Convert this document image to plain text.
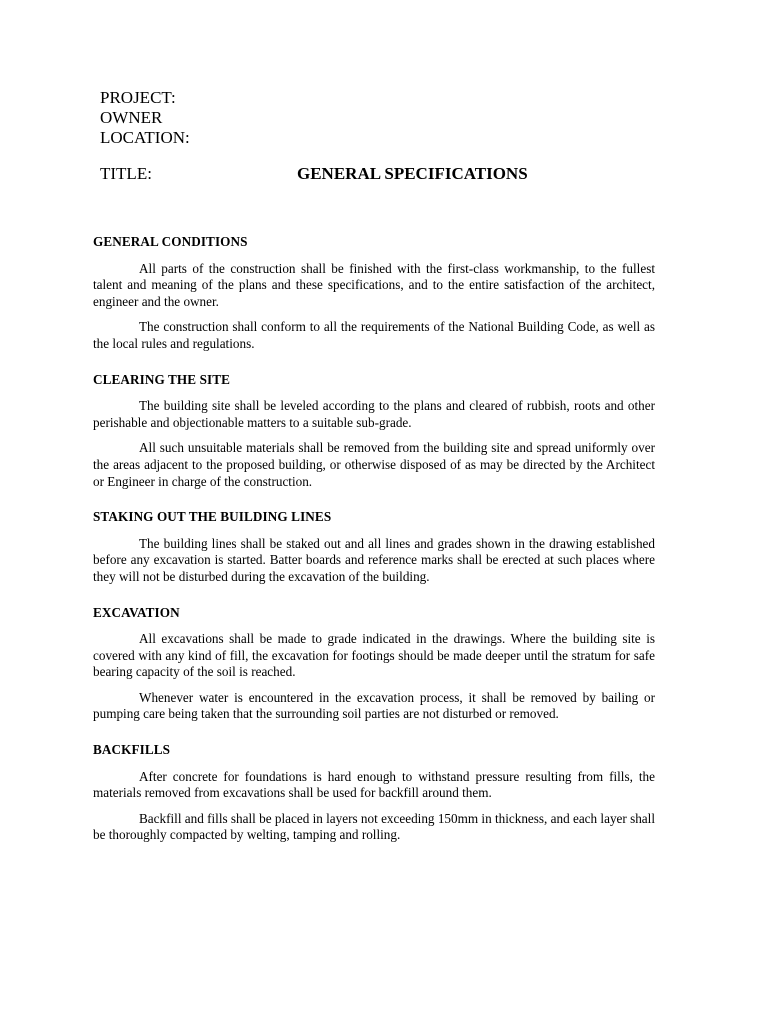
PROJECT:
OWNER
LOCATION:
TITLE:	GENERAL SPECIFICATIONS
GENERAL CONDITIONS

All parts of the construction shall be finished with the first-class workmanship, to the fullest talent and meaning of the plans and these specifications, and to the entire satisfaction of the architect, engineer and the owner.

The construction shall conform to all the requirements of the National Building Code, as well as the local rules and regulations.

CLEARING THE SITE

The building site shall be leveled according to the plans and cleared of rubbish, roots and other perishable and objectionable matters to a suitable sub-grade.

All such unsuitable materials shall be removed from the building site and spread uniformly over the areas adjacent to the proposed building, or otherwise disposed of as may be directed by the Architect or Engineer in charge of the construction.

STAKING OUT THE BUILDING LINES

The building lines shall be staked out and all lines and grades shown in the drawing established before any excavation is started. Batter boards and reference marks shall be erected at such places where they will not be disturbed during the excavation of the building.

EXCAVATION

All excavations shall be made to grade indicated in the drawings. Where the building site is covered with any kind of fill, the excavation for footings should be made deeper until the stratum for safe bearing capacity of the soil is reached.

Whenever water is encountered in the excavation process, it shall be removed by bailing or pumping care being taken that the surrounding soil parties are not disturbed or removed.

BACKFILLS

After concrete for foundations is hard enough to withstand pressure resulting from fills, the materials removed from excavations shall be used for backfill around them.

Backfill and fills shall be placed in layers not exceeding 150mm in thickness, and each layer shall be thoroughly compacted by welting, tamping and rolling.
